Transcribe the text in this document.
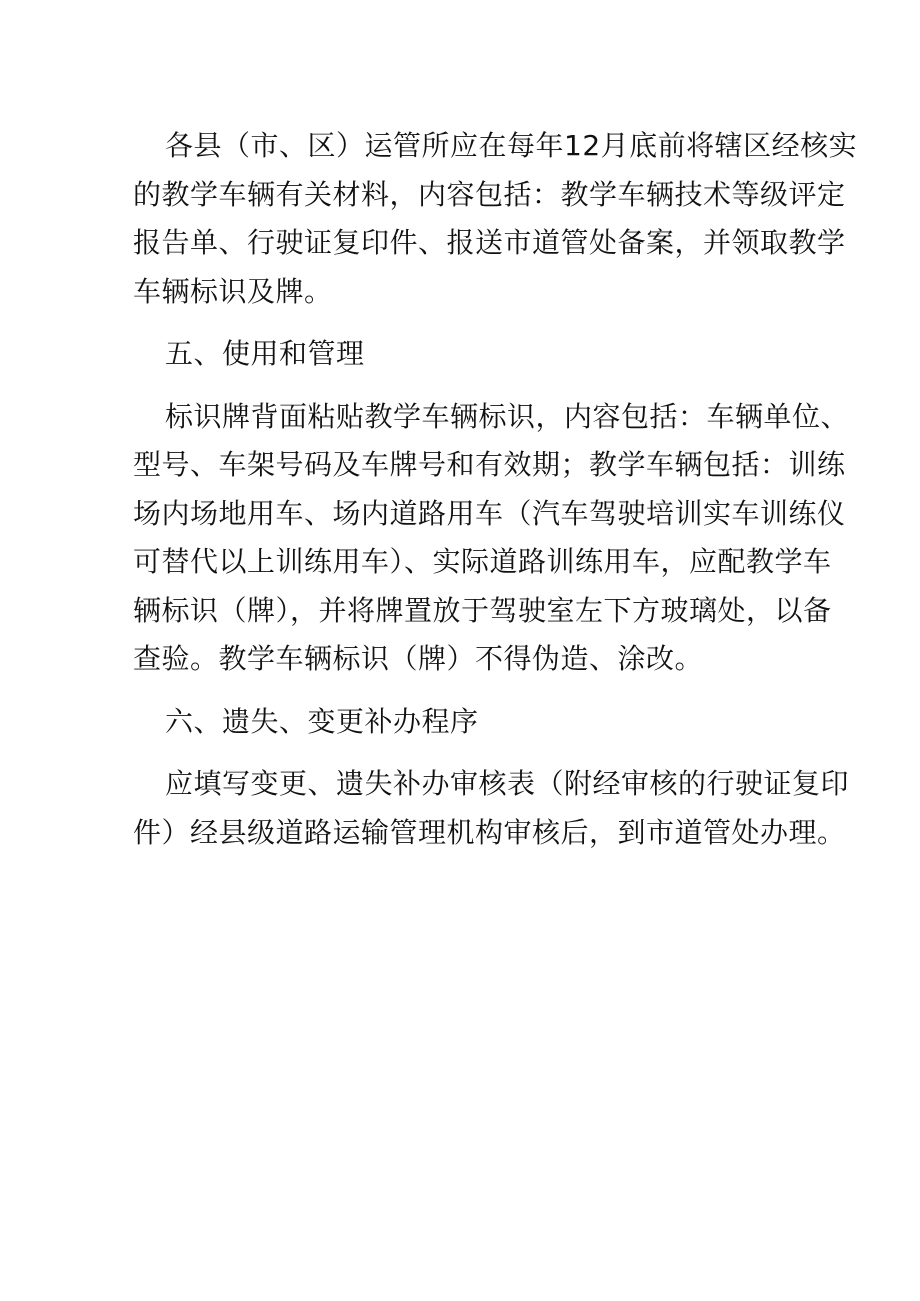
各县（市、区）运管所应在每年12月底前将辖区经核实
的教学车辆有关材料，内容包括：教学车辆技术等级评定
报告单、行驶证复印件、报送市道管处备案，并领取教学
车辆标识及牌。

五、使用和管理

标识牌背面粘贴教学车辆标识，内容包括：车辆单位、
型号、车架号码及车牌号和有效期；教学车辆包括：训练
场内场地用车、场内道路用车（汽车驾驶培训实车训练仪
可替代以上训练用车）、实际道路训练用车，应配教学车
辆标识（牌），并将牌置放于驾驶室左下方玻璃处，以备
查验。教学车辆标识（牌）不得伪造、涂改。

六、遗失、变更补办程序

应填写变更、遗失补办审核表（附经审核的行驶证复印
件）经县级道路运输管理机构审核后，到市道管处办理。
